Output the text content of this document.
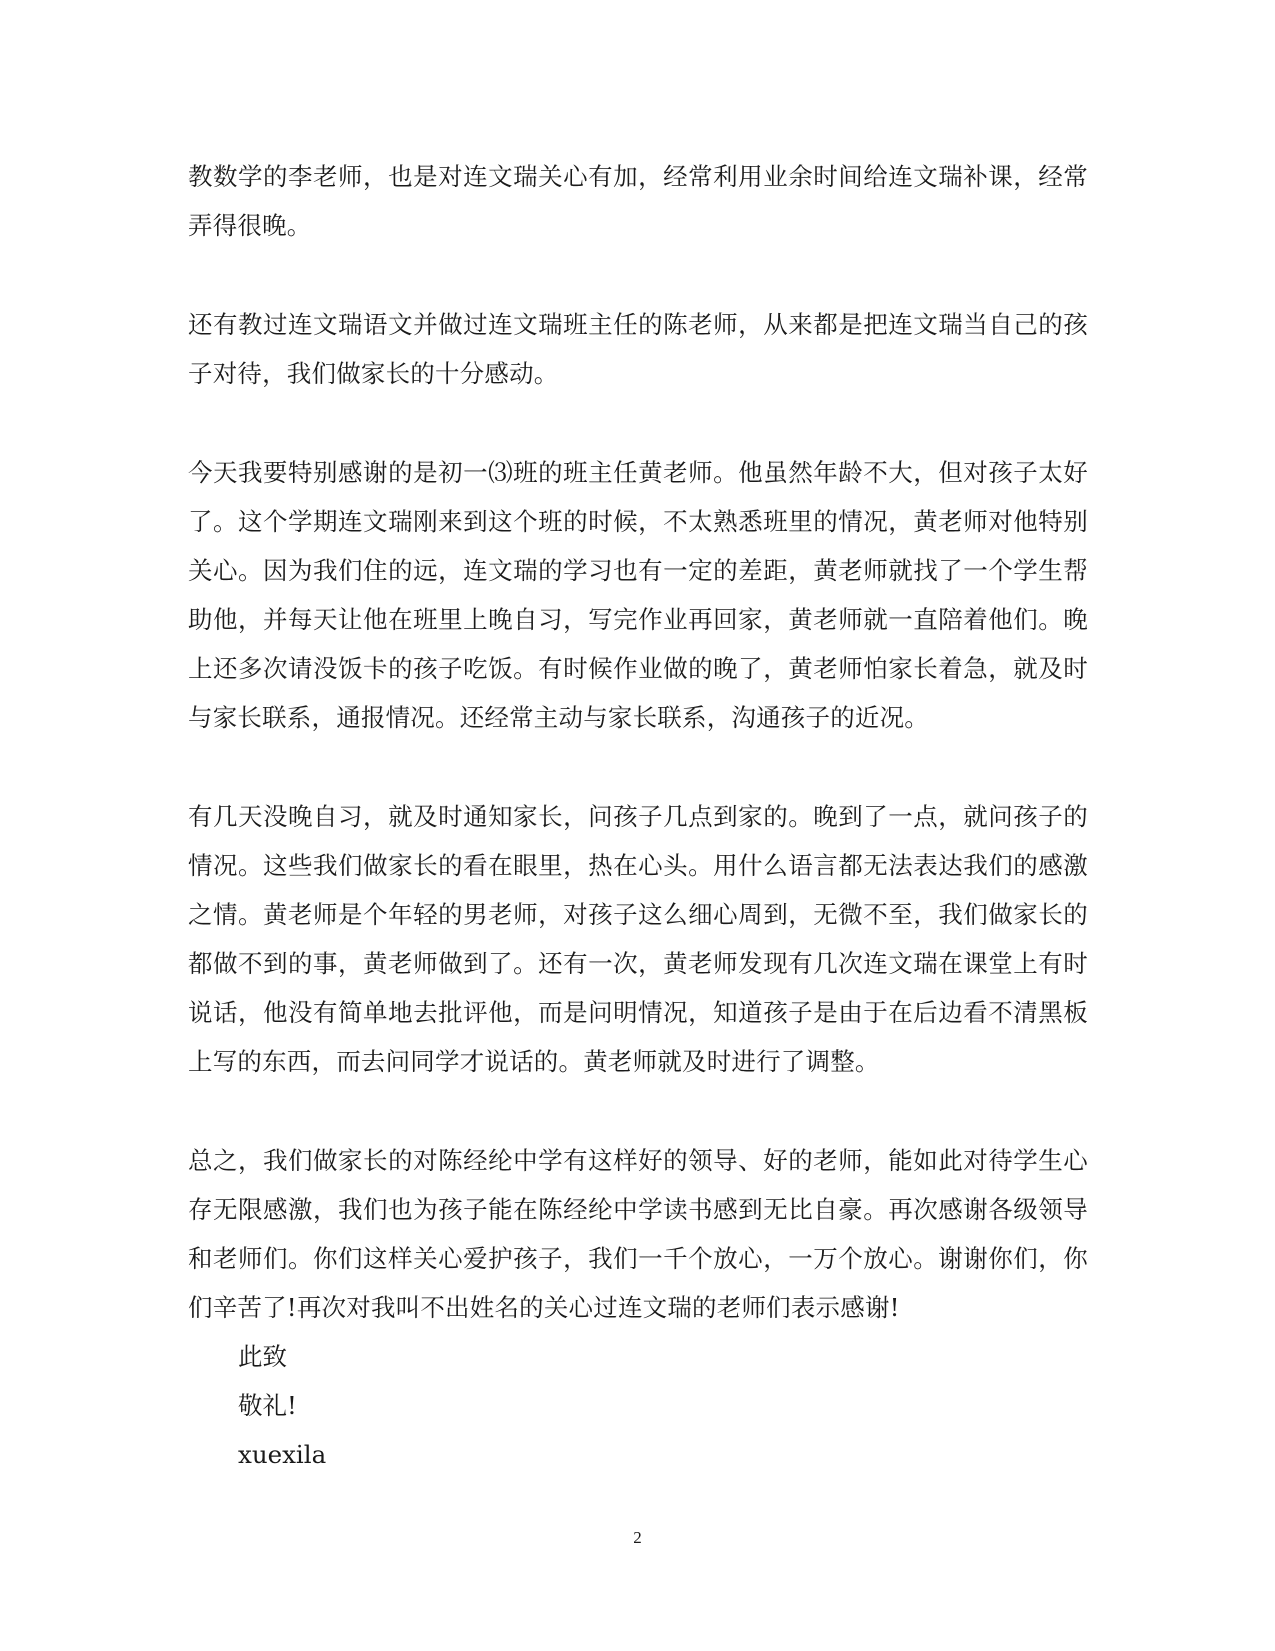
教数学的李老师，也是对连文瑞关心有加，经常利用业余时间给连文瑞补课，经常弄得很晚。

还有教过连文瑞语文并做过连文瑞班主任的陈老师，从来都是把连文瑞当自己的孩子对待，我们做家长的十分感动。

今天我要特别感谢的是初一⑶班的班主任黄老师。他虽然年龄不大，但对孩子太好了。这个学期连文瑞刚来到这个班的时候，不太熟悉班里的情况，黄老师对他特别关心。因为我们住的远，连文瑞的学习也有一定的差距，黄老师就找了一个学生帮助他，并每天让他在班里上晚自习，写完作业再回家，黄老师就一直陪着他们。晚上还多次请没饭卡的孩子吃饭。有时候作业做的晚了，黄老师怕家长着急，就及时与家长联系，通报情况。还经常主动与家长联系，沟通孩子的近况。

有几天没晚自习，就及时通知家长，问孩子几点到家的。晚到了一点，就问孩子的情况。这些我们做家长的看在眼里，热在心头。用什么语言都无法表达我们的感激之情。黄老师是个年轻的男老师，对孩子这么细心周到，无微不至，我们做家长的都做不到的事，黄老师做到了。还有一次，黄老师发现有几次连文瑞在课堂上有时说话，他没有简单地去批评他，而是问明情况，知道孩子是由于在后边看不清黑板上写的东西，而去问同学才说话的。黄老师就及时进行了调整。

总之，我们做家长的对陈经纶中学有这样好的领导、好的老师，能如此对待学生心存无限感激，我们也为孩子能在陈经纶中学读书感到无比自豪。再次感谢各级领导和老师们。你们这样关心爱护孩子，我们一千个放心，一万个放心。谢谢你们，你们辛苦了!再次对我叫不出姓名的关心过连文瑞的老师们表示感谢!

此致

敬礼!

xuexila

2
